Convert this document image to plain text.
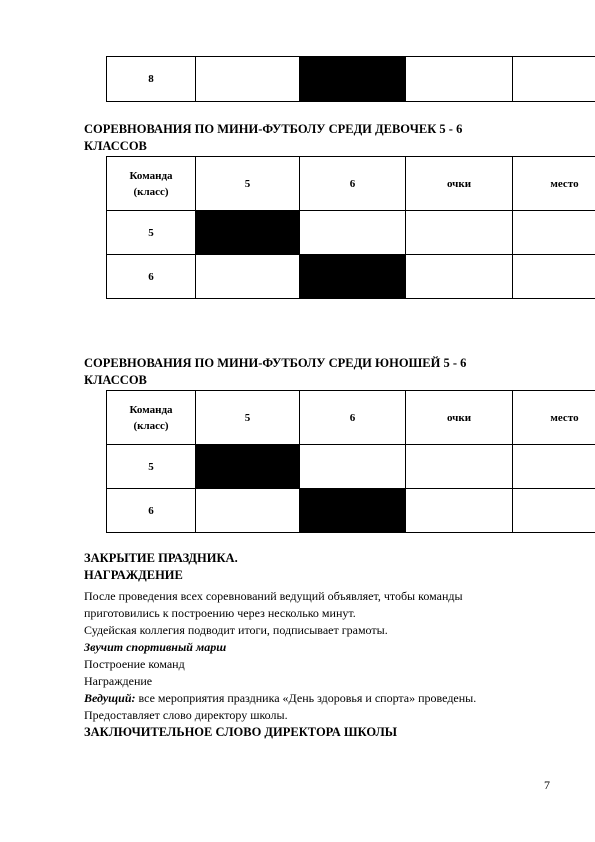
8				

СОРЕВНОВАНИЯ ПО МИНИ-ФУТБОЛУ СРЕДИ ДЕВОЧЕК 5 - 6
КЛАССОВ

Команда
(класс)	5	6	очки	место
5				
6				

СОРЕВНОВАНИЯ ПО МИНИ-ФУТБОЛУ СРЕДИ ЮНОШЕЙ 5 - 6
КЛАССОВ

Команда
(класс)	5	6	очки	место
5				
6				

ЗАКРЫТИЕ ПРАЗДНИКА.
НАГРАЖДЕНИЕ

После проведения всех соревнований ведущий объявляет, чтобы команды
приготовились к построению через несколько минут.

Судейская коллегия подводит итоги, подписывает грамоты.

Звучит спортивный марш

Построение команд

Награждение

Ведущий: все мероприятия праздника «День здоровья и спорта» проведены.

Предоставляет слово директору школы.

ЗАКЛЮЧИТЕЛЬНОЕ СЛОВО ДИРЕКТОРА ШКОЛЫ

7
